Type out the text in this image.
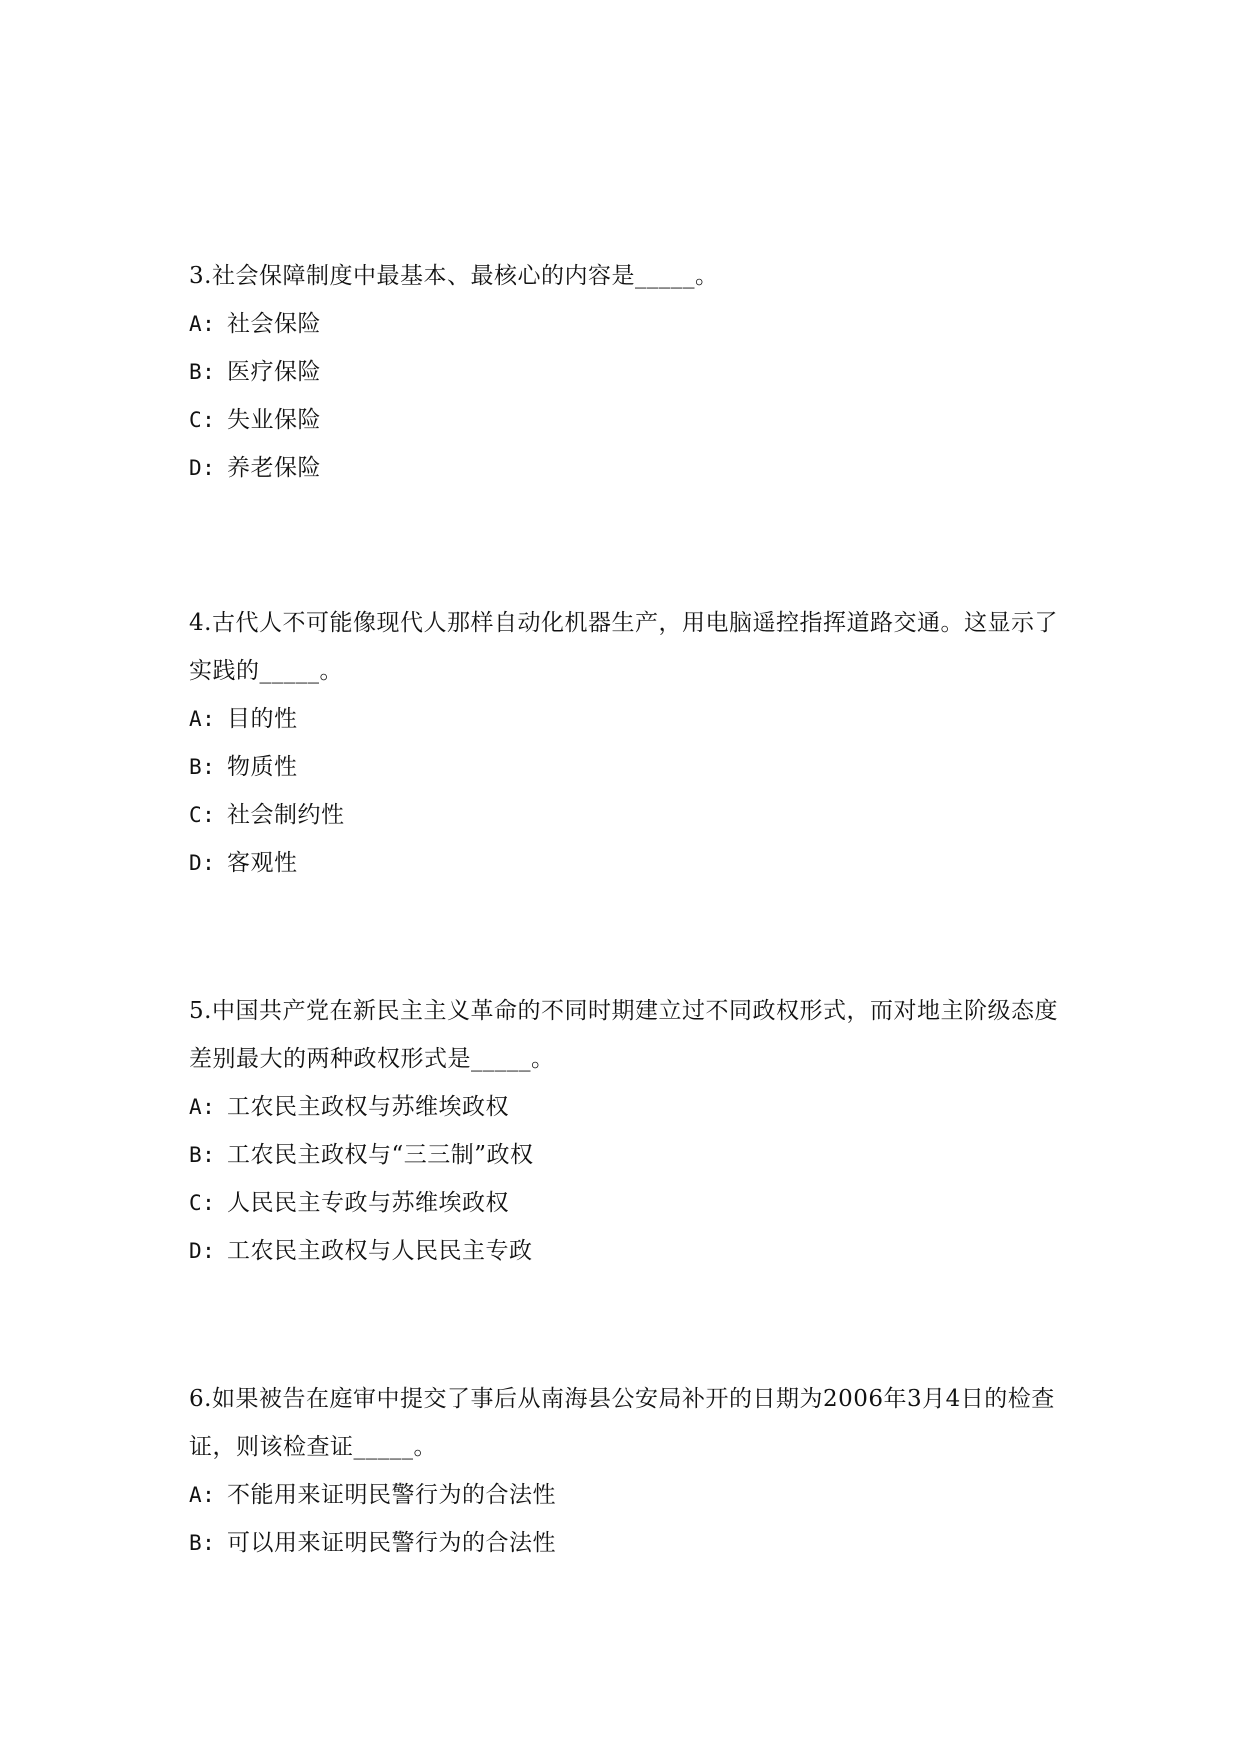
3.社会保障制度中最基本、最核心的内容是_____。
A: 社会保险
B: 医疗保险
C: 失业保险
D: 养老保险
4.古代人不可能像现代人那样自动化机器生产，用电脑遥控指挥道路交通。这显示了实践的_____。
A: 目的性
B: 物质性
C: 社会制约性
D: 客观性
5.中国共产党在新民主主义革命的不同时期建立过不同政权形式，而对地主阶级态度差别最大的两种政权形式是_____。
A: 工农民主政权与苏维埃政权
B: 工农民主政权与“三三制”政权
C: 人民民主专政与苏维埃政权
D: 工农民主政权与人民民主专政
6.如果被告在庭审中提交了事后从南海县公安局补开的日期为2006年3月4日的检查证，则该检查证_____。
A: 不能用来证明民警行为的合法性
B: 可以用来证明民警行为的合法性
